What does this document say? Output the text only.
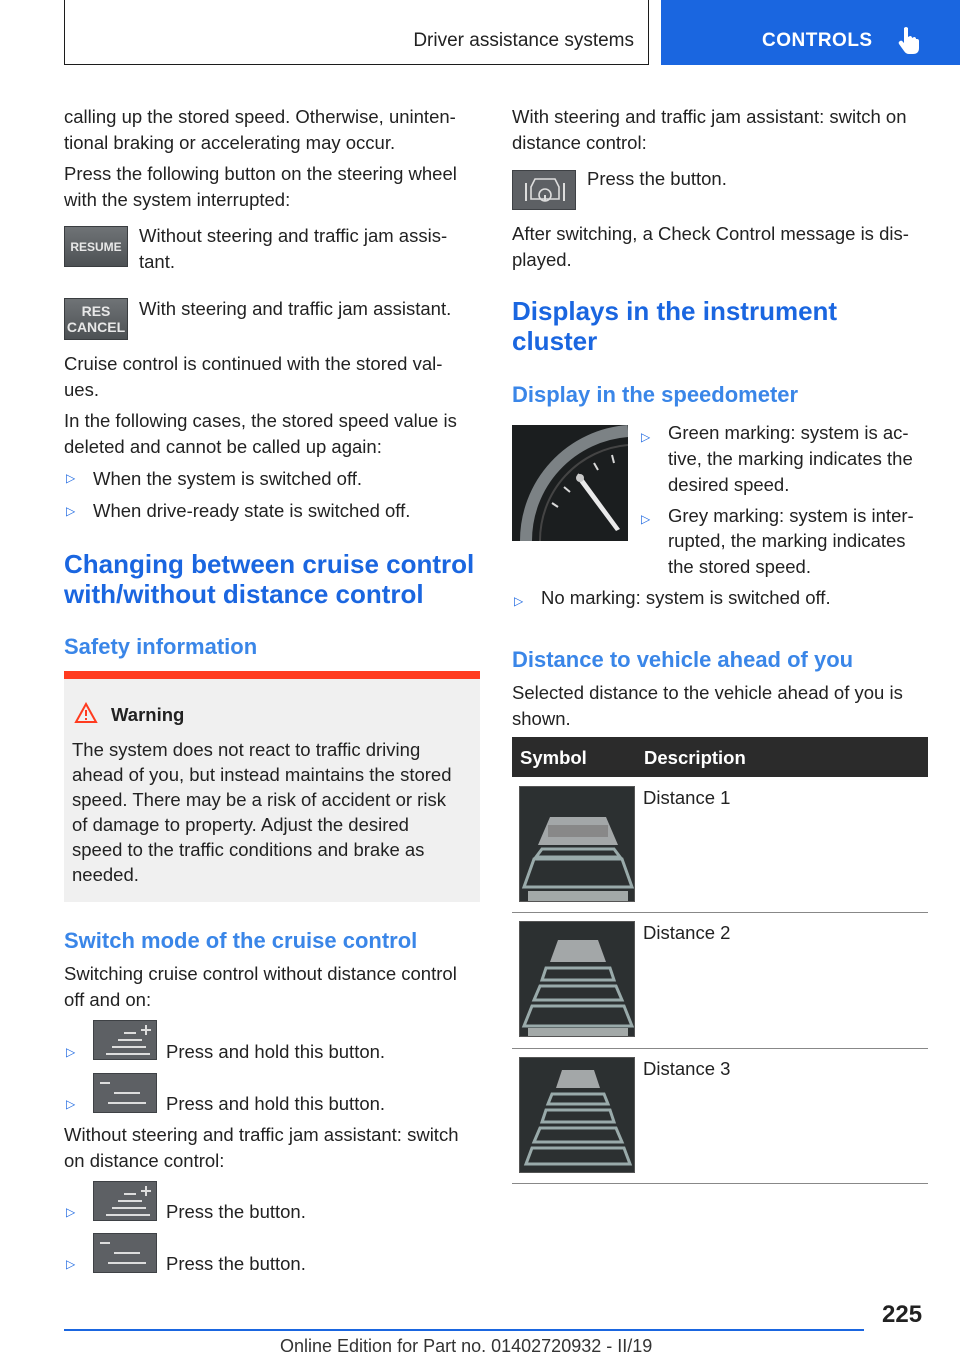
Driver assistance systems	CONTROLS
calling up the stored speed. Otherwise, uninten-
tional braking or accelerating may occur.
Press the following button on the steering wheel
with the system interrupted:
RESUME
Without steering and traffic jam assis-
tant.
RES
CANCEL
With steering and traffic jam assistant.
Cruise control is continued with the stored val-
ues.
In the following cases, the stored speed value is
deleted and cannot be called up again:
▷ When the system is switched off.
▷ When drive-ready state is switched off.
Changing between cruise control
with/without distance control
Safety information
Warning
The system does not react to traffic driving
ahead of you, but instead maintains the stored
speed. There may be a risk of accident or risk
of damage to property. Adjust the desired
speed to the traffic conditions and brake as
needed.
Switch mode of the cruise control
Switching cruise control without distance control
off and on:
▷	Press and hold this button.
▷	Press and hold this button.
Without steering and traffic jam assistant: switch
on distance control:
▷	Press the button.
▷	Press the button.
With steering and traffic jam assistant: switch on
distance control:
Press the button.
After switching, a Check Control message is dis-
played.
Displays in the instrument
cluster
Display in the speedometer
▷ Green marking: system is ac-
tive, the marking indicates the
desired speed.
▷ Grey marking: system is inter-
rupted, the marking indicates
the stored speed.
▷ No marking: system is switched off.
Distance to vehicle ahead of you
Selected distance to the vehicle ahead of you is
shown.
Symbol	Description
Distance 1
Distance 2
Distance 3
225
Online Edition for Part no. 01402720932 - II/19
